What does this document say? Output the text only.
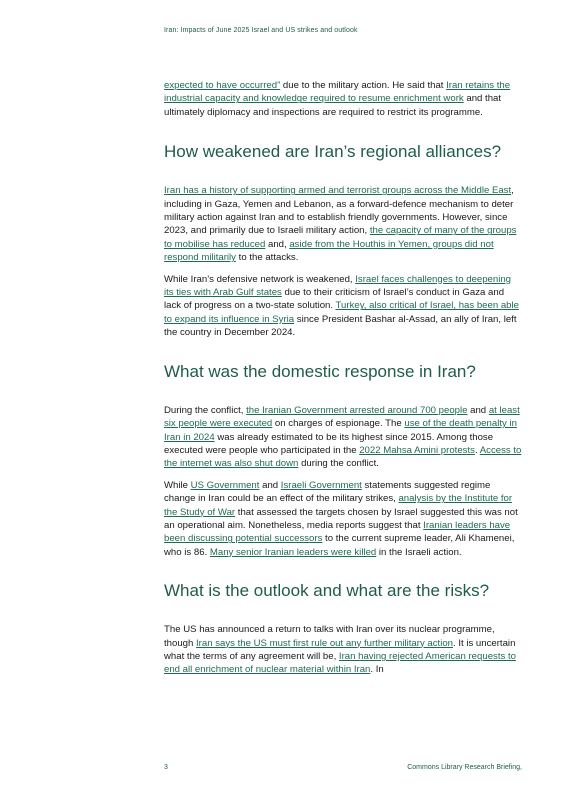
Iran: Impacts of June 2025 Israel and US strikes and outlook

expected to have occurred” due to the military action. He said that Iran retains the industrial capacity and knowledge required to resume enrichment work and that ultimately diplomacy and inspections are required to restrict its programme.

How weakened are Iran’s regional alliances?

Iran has a history of supporting armed and terrorist groups across the Middle East, including in Gaza, Yemen and Lebanon, as a forward-defence mechanism to deter military action against Iran and to establish friendly governments. However, since 2023, and primarily due to Israeli military action, the capacity of many of the groups to mobilise has reduced and, aside from the Houthis in Yemen, groups did not respond militarily to the attacks.

While Iran’s defensive network is weakened, Israel faces challenges to deepening its ties with Arab Gulf states due to their criticism of Israel’s conduct in Gaza and lack of progress on a two-state solution. Turkey, also critical of Israel, has been able to expand its influence in Syria since President Bashar al-Assad, an ally of Iran, left the country in December 2024.

What was the domestic response in Iran?

During the conflict, the Iranian Government arrested around 700 people and at least six people were executed on charges of espionage. The use of the death penalty in Iran in 2024 was already estimated to be its highest since 2015. Among those executed were people who participated in the 2022 Mahsa Amini protests. Access to the internet was also shut down during the conflict.

While US Government and Israeli Government statements suggested regime change in Iran could be an effect of the military strikes, analysis by the Institute for the Study of War that assessed the targets chosen by Israel suggested this was not an operational aim. Nonetheless, media reports suggest that Iranian leaders have been discussing potential successors to the current supreme leader, Ali Khamenei, who is 86. Many senior Iranian leaders were killed in the Israeli action.

What is the outlook and what are the risks?

The US has announced a return to talks with Iran over its nuclear programme, though Iran says the US must first rule out any further military action. It is uncertain what the terms of any agreement will be, Iran having rejected American requests to end all enrichment of nuclear material within Iran. In

3	Commons Library Research Briefing,
